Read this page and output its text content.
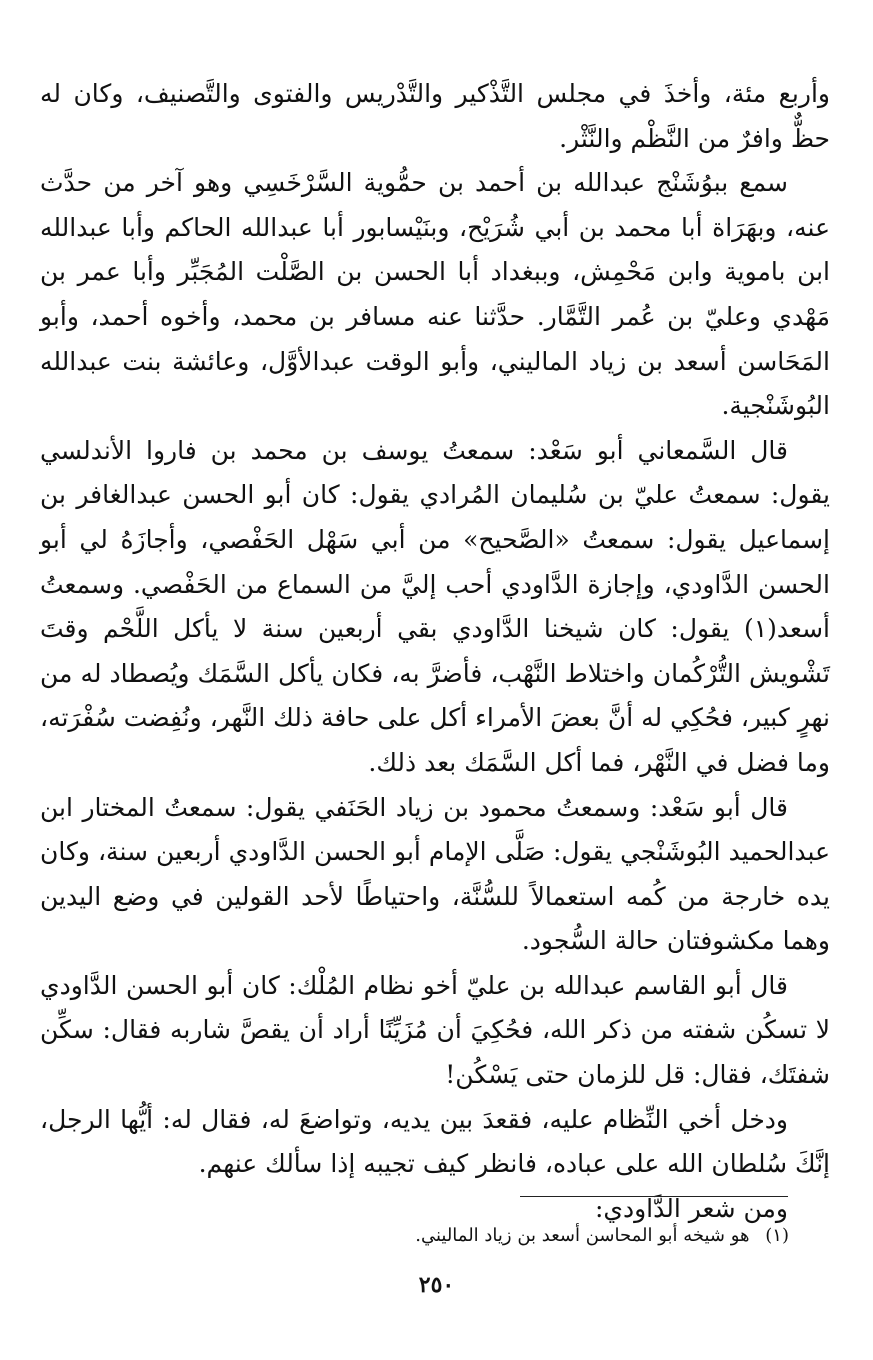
وأربع مئة، وأخذَ في مجلس التَّذْكير والتَّدْريس والفتوى والتَّصنيف، وكان له حظٌّ وافرٌ من النَّظْم والنَّثْر.

سمع ببوُشَنْج عبدالله بن أحمد بن حمُّوية السَّرْخَسِي وهو آخر من حدَّث عنه، وبهَرَاة أبا محمد بن أبي شُرَيْح، وبنَيْسابور أبا عبدالله الحاكم وأبا عبدالله ابن باموية وابن مَحْمِش، وببغداد أبا الحسن بن الصَّلْت المُجَبِّر وأبا عمر بن مَهْدي وعليّ بن عُمر التَّمَّار. حدَّثنا عنه مسافر بن محمد، وأخوه أحمد، وأبو المَحَاسن أسعد بن زياد الماليني، وأبو الوقت عبدالأوَّل، وعائشة بنت عبدالله البُوشَنْجية.

قال السَّمعاني أبو سَعْد: سمعتُ يوسف بن محمد بن فاروا الأندلسي يقول: سمعتُ عليّ بن سُليمان المُرادي يقول: كان أبو الحسن عبدالغافر بن إسماعيل يقول: سمعتُ «الصَّحيح» من أبي سَهْل الحَفْصي، وأجازَهُ لي أبو الحسن الدَّاودي، وإجازة الدَّاودي أحب إليَّ من السماع من الحَفْصي. وسمعتُ أسعد(١) يقول: كان شيخنا الدَّاودي بقي أربعين سنة لا يأكل اللَّحْم وقتَ تَشْويش التُّرْكُمان واختلاط النَّهْب، فأضرَّ به، فكان يأكل السَّمَك ويُصطاد له من نهرٍ كبير، فحُكِي له أنَّ بعضَ الأمراء أكل على حافة ذلك النَّهر، ونُفِضت سُفْرَته، وما فضل في النَّهْر، فما أكل السَّمَك بعد ذلك.

قال أبو سَعْد: وسمعتُ محمود بن زياد الحَنَفي يقول: سمعتُ المختار ابن عبدالحميد البُوشَنْجي يقول: صَلَّى الإمام أبو الحسن الدَّاودي أربعين سنة، وكان يده خارجة من كُمه استعمالاً للسُّنَّة، واحتياطًا لأحد القولين في وضع اليدين وهما مكشوفتان حالة السُّجود.

قال أبو القاسم عبدالله بن عليّ أخو نظام المُلْك: كان أبو الحسن الدَّاودي لا تسكُن شفته من ذكر الله، فحُكِيَ أن مُزَيِّنًا أراد أن يقصَّ شاربه فقال: سكِّن شفتَك، فقال: قل للزمان حتى يَسْكُن!

ودخل أخي النِّظام عليه، فقعدَ بين يديه، وتواضعَ له، فقال له: أيُّها الرجل، إنَّكَ سُلطان الله على عباده، فانظر كيف تجيبه إذا سألك عنهم.

ومن شعر الدَّاودي:

(١) هو شيخه أبو المحاسن أسعد بن زياد الماليني.
٢٥٠
